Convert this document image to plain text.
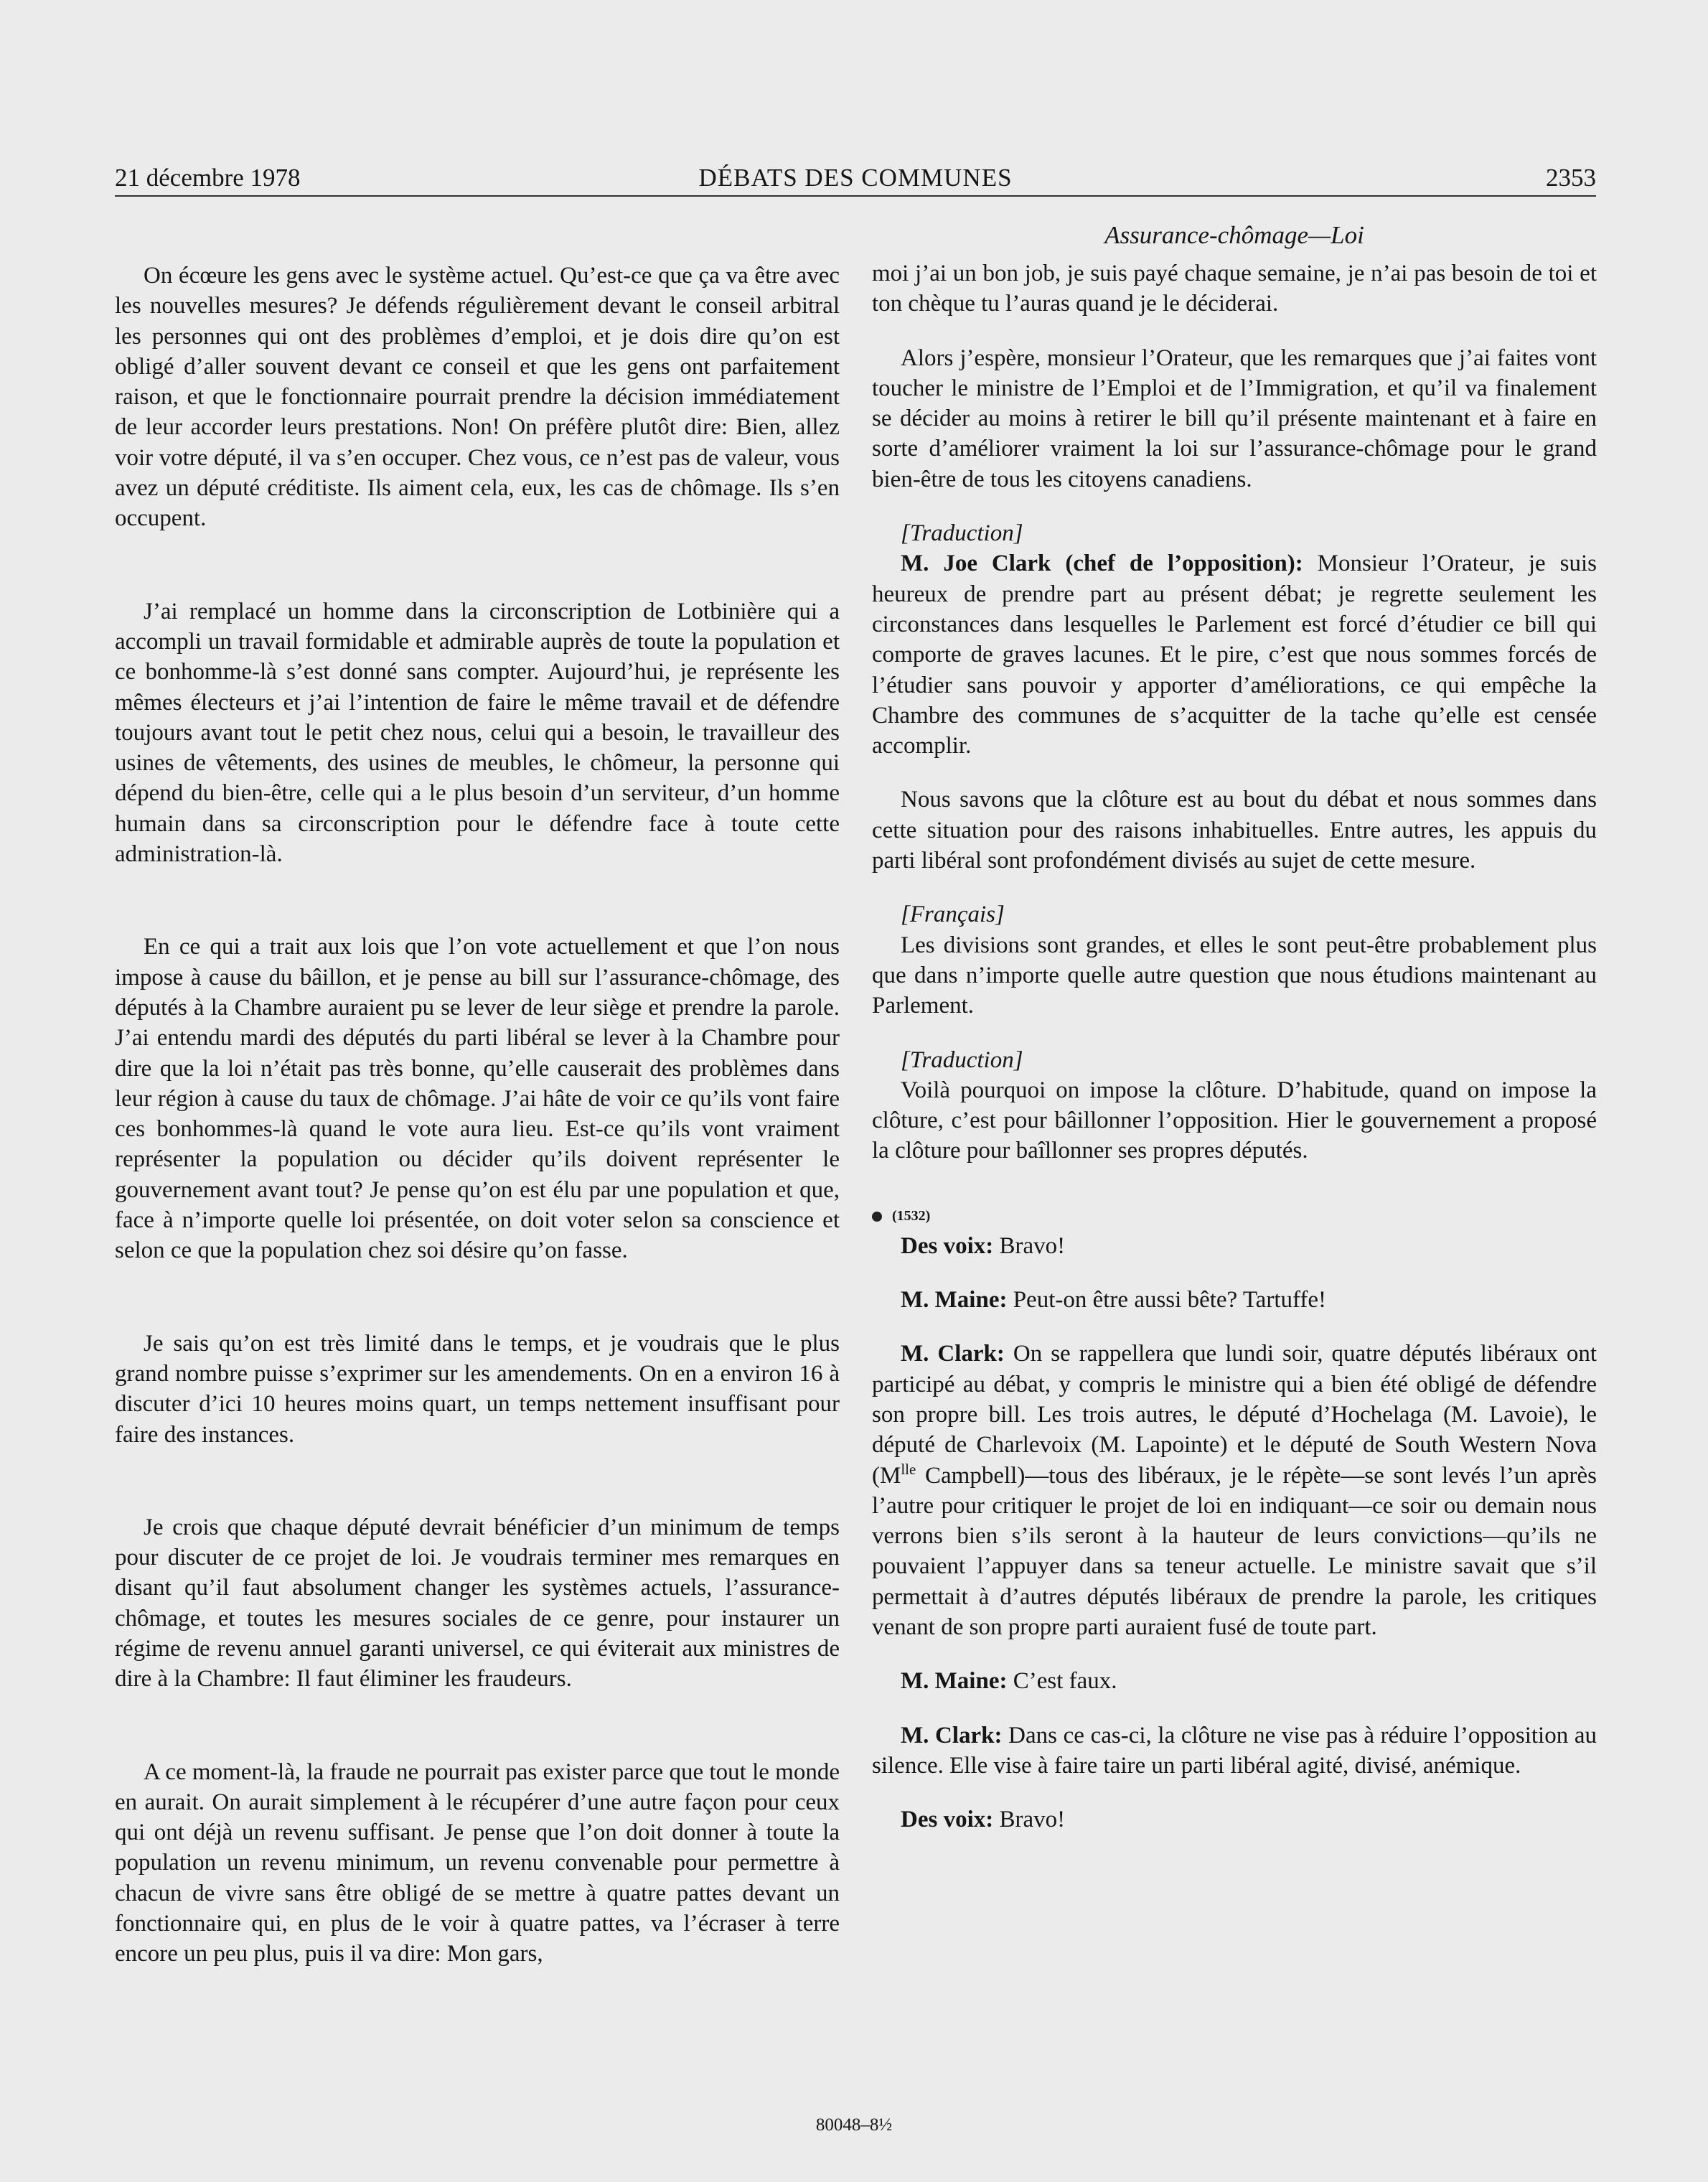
21 décembre 1978	DÉBATS DES COMMUNES	2353
Assurance-chômage—Loi

On écœure les gens avec le système actuel. Qu’est-ce que ça va être avec les nouvelles mesures? Je défends régulièrement devant le conseil arbitral les personnes qui ont des problèmes d’emploi, et je dois dire qu’on est obligé d’aller souvent devant ce conseil et que les gens ont parfaitement raison, et que le fonctionnaire pourrait prendre la décision immédiatement de leur accorder leurs prestations. Non! On préfère plutôt dire: Bien, allez voir votre député, il va s’en occuper. Chez vous, ce n’est pas de valeur, vous avez un député créditiste. Ils aiment cela, eux, les cas de chômage. Ils s’en occupent.

J’ai remplacé un homme dans la circonscription de Lotbinière qui a accompli un travail formidable et admirable auprès de toute la population et ce bonhomme-là s’est donné sans compter. Aujourd’hui, je représente les mêmes électeurs et j’ai l’intention de faire le même travail et de défendre toujours avant tout le petit chez nous, celui qui a besoin, le travailleur des usines de vêtements, des usines de meubles, le chômeur, la personne qui dépend du bien-être, celle qui a le plus besoin d’un serviteur, d’un homme humain dans sa circonscription pour le défendre face à toute cette administration-là.

En ce qui a trait aux lois que l’on vote actuellement et que l’on nous impose à cause du bâillon, et je pense au bill sur l’assurance-chômage, des députés à la Chambre auraient pu se lever de leur siège et prendre la parole. J’ai entendu mardi des députés du parti libéral se lever à la Chambre pour dire que la loi n’était pas très bonne, qu’elle causerait des problèmes dans leur région à cause du taux de chômage. J’ai hâte de voir ce qu’ils vont faire ces bonhommes-là quand le vote aura lieu. Est-ce qu’ils vont vraiment représenter la population ou décider qu’ils doivent représenter le gouvernement avant tout? Je pense qu’on est élu par une population et que, face à n’importe quelle loi présentée, on doit voter selon sa conscience et selon ce que la population chez soi désire qu’on fasse.

Je sais qu’on est très limité dans le temps, et je voudrais que le plus grand nombre puisse s’exprimer sur les amendements. On en a environ 16 à discuter d’ici 10 heures moins quart, un temps nettement insuffisant pour faire des instances.

Je crois que chaque député devrait bénéficier d’un minimum de temps pour discuter de ce projet de loi. Je voudrais terminer mes remarques en disant qu’il faut absolument changer les systèmes actuels, l’assurance-chômage, et toutes les mesures sociales de ce genre, pour instaurer un régime de revenu annuel garanti universel, ce qui éviterait aux ministres de dire à la Chambre: Il faut éliminer les fraudeurs.

A ce moment-là, la fraude ne pourrait pas exister parce que tout le monde en aurait. On aurait simplement à le récupérer d’une autre façon pour ceux qui ont déjà un revenu suffisant. Je pense que l’on doit donner à toute la population un revenu minimum, un revenu convenable pour permettre à chacun de vivre sans être obligé de se mettre à quatre pattes devant un fonctionnaire qui, en plus de le voir à quatre pattes, va l’écraser à terre encore un peu plus, puis il va dire: Mon gars,

moi j’ai un bon job, je suis payé chaque semaine, je n’ai pas besoin de toi et ton chèque tu l’auras quand je le déciderai.

Alors j’espère, monsieur l’Orateur, que les remarques que j’ai faites vont toucher le ministre de l’Emploi et de l’Immigration, et qu’il va finalement se décider au moins à retirer le bill qu’il présente maintenant et à faire en sorte d’améliorer vraiment la loi sur l’assurance-chômage pour le grand bien-être de tous les citoyens canadiens.

[Traduction]

M. Joe Clark (chef de l’opposition): Monsieur l’Orateur, je suis heureux de prendre part au présent débat; je regrette seulement les circonstances dans lesquelles le Parlement est forcé d’étudier ce bill qui comporte de graves lacunes. Et le pire, c’est que nous sommes forcés de l’étudier sans pouvoir y apporter d’améliorations, ce qui empêche la Chambre des communes de s’acquitter de la tache qu’elle est censée accomplir.

Nous savons que la clôture est au bout du débat et nous sommes dans cette situation pour des raisons inhabituelles. Entre autres, les appuis du parti libéral sont profondément divisés au sujet de cette mesure.

[Français]

Les divisions sont grandes, et elles le sont peut-être probablement plus que dans n’importe quelle autre question que nous étudions maintenant au Parlement.

[Traduction]

Voilà pourquoi on impose la clôture. D’habitude, quand on impose la clôture, c’est pour bâillonner l’opposition. Hier le gouvernement a proposé la clôture pour baîllonner ses propres députés.

(1532)

Des voix: Bravo!

M. Maine: Peut-on être aussi bête? Tartuffe!

M. Clark: On se rappellera que lundi soir, quatre députés libéraux ont participé au débat, y compris le ministre qui a bien été obligé de défendre son propre bill. Les trois autres, le député d’Hochelaga (M. Lavoie), le député de Charlevoix (M. Lapointe) et le député de South Western Nova ($M^{lle}$ Campbell)—tous des libéraux, je le répète—se sont levés l’un après l’autre pour critiquer le projet de loi en indiquant—ce soir ou demain nous verrons bien s’ils seront à la hauteur de leurs convictions—qu’ils ne pouvaient l’appuyer dans sa teneur actuelle. Le ministre savait que s’il permettait à d’autres députés libéraux de prendre la parole, les critiques venant de son propre parti auraient fusé de toute part.

M. Maine: C’est faux.

M. Clark: Dans ce cas-ci, la clôture ne vise pas à réduire l’opposition au silence. Elle vise à faire taire un parti libéral agité, divisé, anémique.

Des voix: Bravo!

80048–8½
